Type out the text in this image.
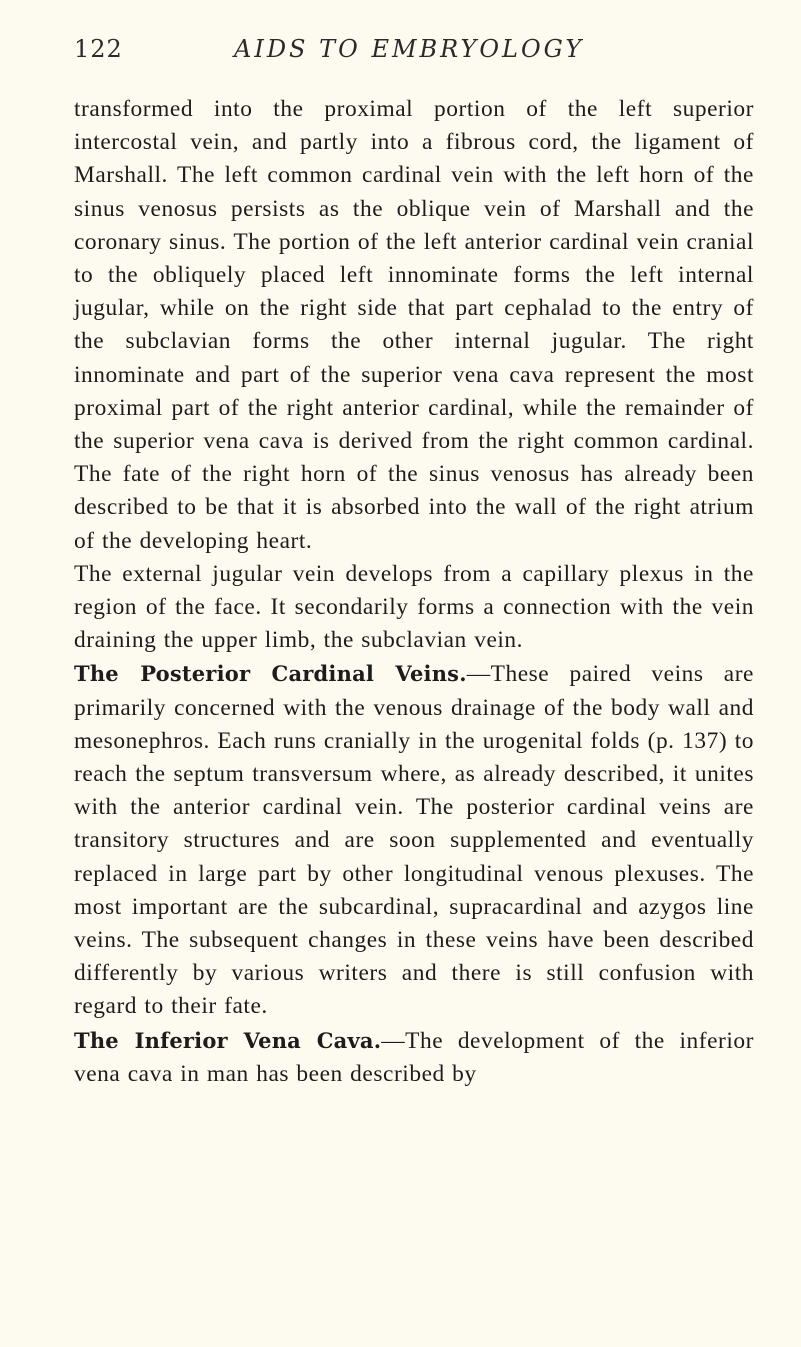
122	AIDS TO EMBRYOLOGY

transformed into the proximal portion of the left superior intercostal vein, and partly into a fibrous cord, the ligament of Marshall. The left common cardinal vein with the left horn of the sinus venosus persists as the oblique vein of Marshall and the coronary sinus. The portion of the left anterior cardinal vein cranial to the obliquely placed left innominate forms the left internal jugular, while on the right side that part cephalad to the entry of the subclavian forms the other internal jugular. The right innominate and part of the superior vena cava represent the most proximal part of the right anterior cardinal, while the remainder of the superior vena cava is derived from the right common cardinal. The fate of the right horn of the sinus venosus has already been described to be that it is absorbed into the wall of the right atrium of the developing heart.

The external jugular vein develops from a capillary plexus in the region of the face. It secondarily forms a connection with the vein draining the upper limb, the subclavian vein.

The Posterior Cardinal Veins.—These paired veins are primarily concerned with the venous drainage of the body wall and mesonephros. Each runs cranially in the urogenital folds (p. 137) to reach the septum transversum where, as already described, it unites with the anterior cardinal vein. The posterior cardinal veins are transitory structures and are soon supplemented and eventually replaced in large part by other longitudinal venous plexuses. The most important are the subcardinal, supracardinal and azygos line veins. The subsequent changes in these veins have been described differently by various writers and there is still confusion with regard to their fate.

The Inferior Vena Cava.—The development of the inferior vena cava in man has been described by
